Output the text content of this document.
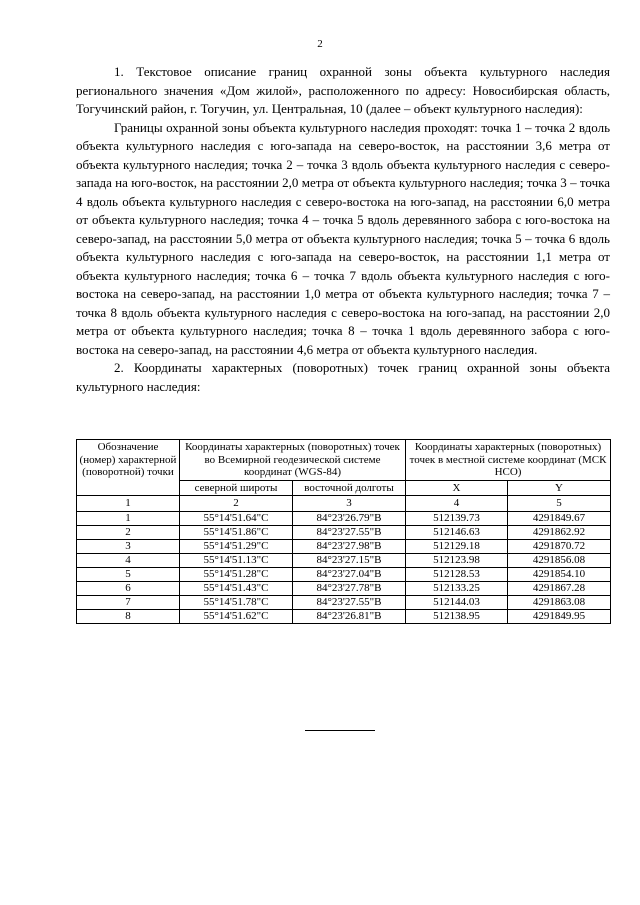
2

1. Текстовое описание границ охранной зоны объекта культурного наследия регионального значения «Дом жилой», расположенного по адресу: Новосибирская область, Тогучинский район, г. Тогучин, ул. Центральная, 10 (далее – объект культурного наследия):

Границы охранной зоны объекта культурного наследия проходят: точка 1 – точка 2 вдоль объекта культурного наследия с юго-запада на северо-восток, на расстоянии 3,6 метра от объекта культурного наследия; точка 2 – точка 3 вдоль объекта культурного наследия с северо-запада на юго-восток, на расстоянии 2,0 метра от объекта культурного наследия; точка 3 – точка 4 вдоль объекта культурного наследия с северо-востока на юго-запад, на расстоянии 6,0 метра от объекта культурного наследия; точка 4 – точка 5 вдоль деревянного забора с юго-востока на северо-запад, на расстоянии 5,0 метра от объекта культурного наследия; точка 5 – точка 6 вдоль объекта культурного наследия с юго-запада на северо-восток, на расстоянии 1,1 метра от объекта культурного наследия; точка 6 – точка 7 вдоль объекта культурного наследия с юго-востока на северо-запад, на расстоянии 1,0 метра от объекта культурного наследия; точка 7 – точка 8 вдоль объекта культурного наследия с северо-востока на юго-запад, на расстоянии 2,0 метра от объекта культурного наследия; точка 8 – точка 1 вдоль деревянного забора с юго-востока на северо-запад, на расстоянии 4,6 метра от объекта культурного наследия.

2. Координаты характерных (поворотных) точек границ охранной зоны объекта культурного наследия:

Обозначение (номер) характерной (поворотной) точки	Координаты характерных (поворотных) точек во Всемирной геодезической системе координат (WGS-84)		Координаты характерных (поворотных) точек в местной системе координат (МСК НСО)	
	северной широты	восточной долготы	X	Y
1	2	3	4	5
1	55°14'51.64"С	84°23'26.79"В	512139.73	4291849.67
2	55°14'51.86"С	84°23'27.55"В	512146.63	4291862.92
3	55°14'51.29"С	84°23'27.98"В	512129.18	4291870.72
4	55°14'51.13"С	84°23'27.15"В	512123.98	4291856.08
5	55°14'51.28"С	84°23'27.04"В	512128.53	4291854.10
6	55°14'51.43"С	84°23'27.78"В	512133.25	4291867.28
7	55°14'51.78"С	84°23'27.55"В	512144.03	4291863.08
8	55°14'51.62"С	84°23'26.81"В	512138.95	4291849.95
